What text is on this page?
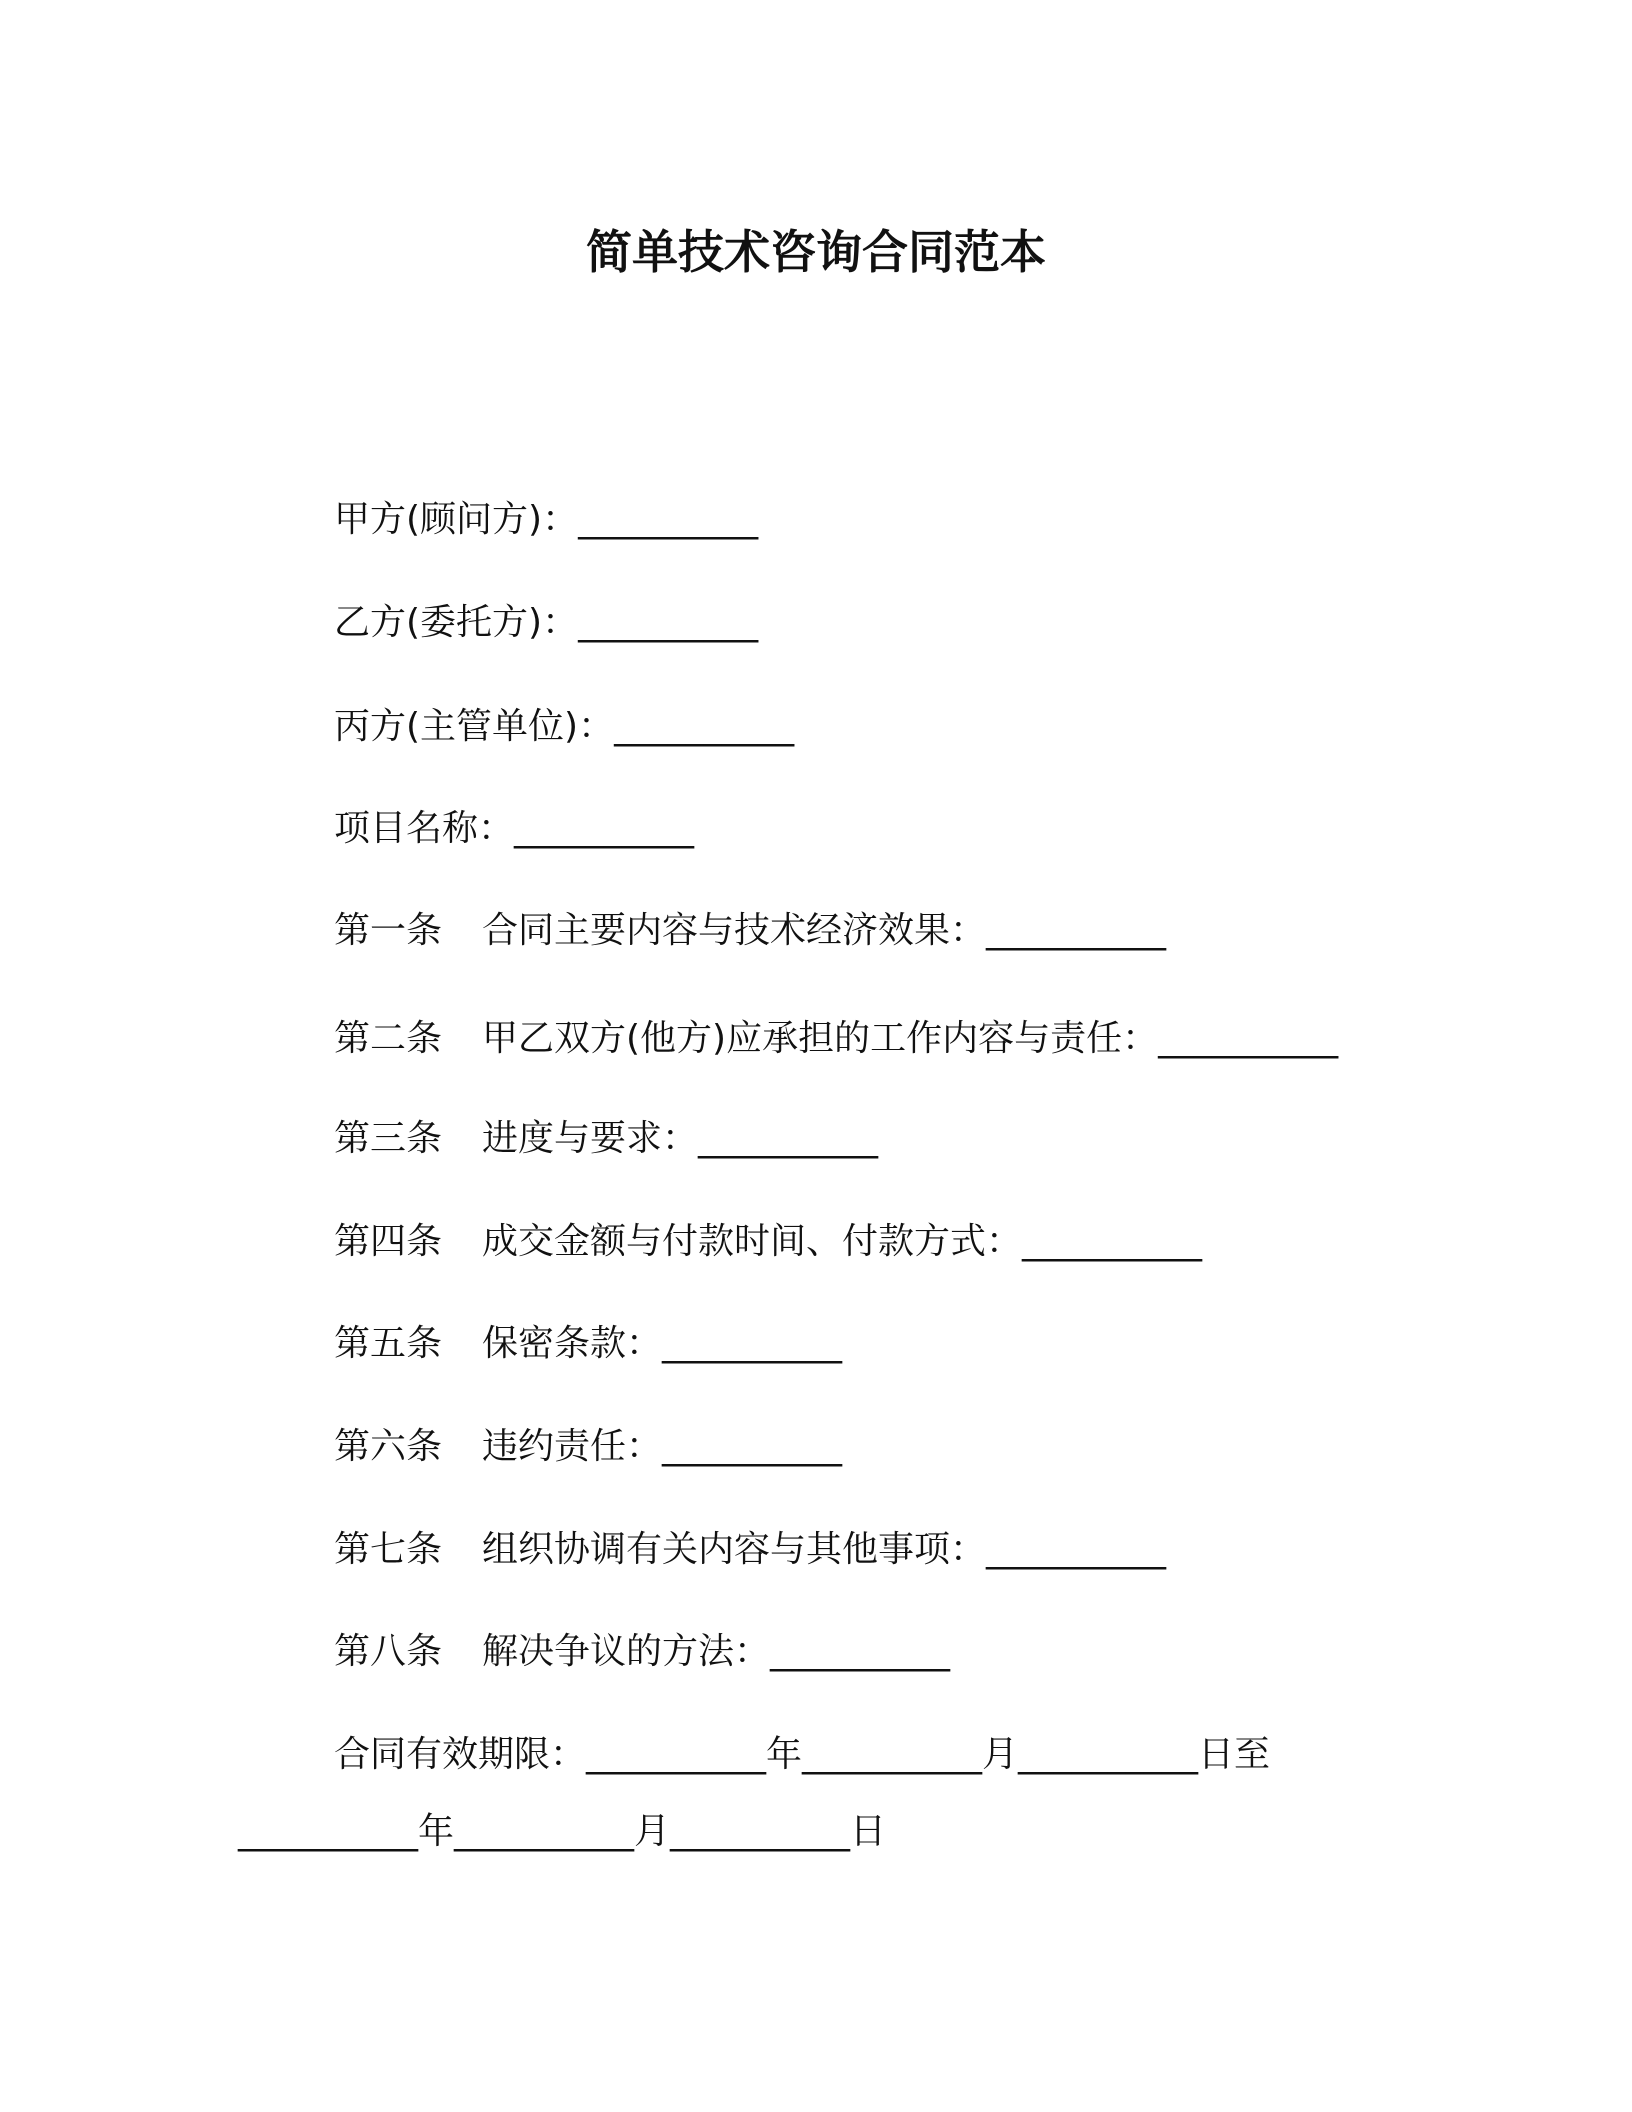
简单技术咨询合同范本
甲方(顾问方)：__________
乙方(委托方)：__________
丙方(主管单位)：__________
项目名称：__________
第一条 合同主要内容与技术经济效果：__________
第二条 甲乙双方(他方)应承担的工作内容与责任：__________
第三条 进度与要求：__________
第四条 成交金额与付款时间、付款方式：__________
第五条 保密条款：__________
第六条 违约责任：__________
第七条 组织协调有关内容与其他事项：__________
第八条 解决争议的方法：__________
合同有效期限：__________年__________月__________日至
__________年__________月__________日
